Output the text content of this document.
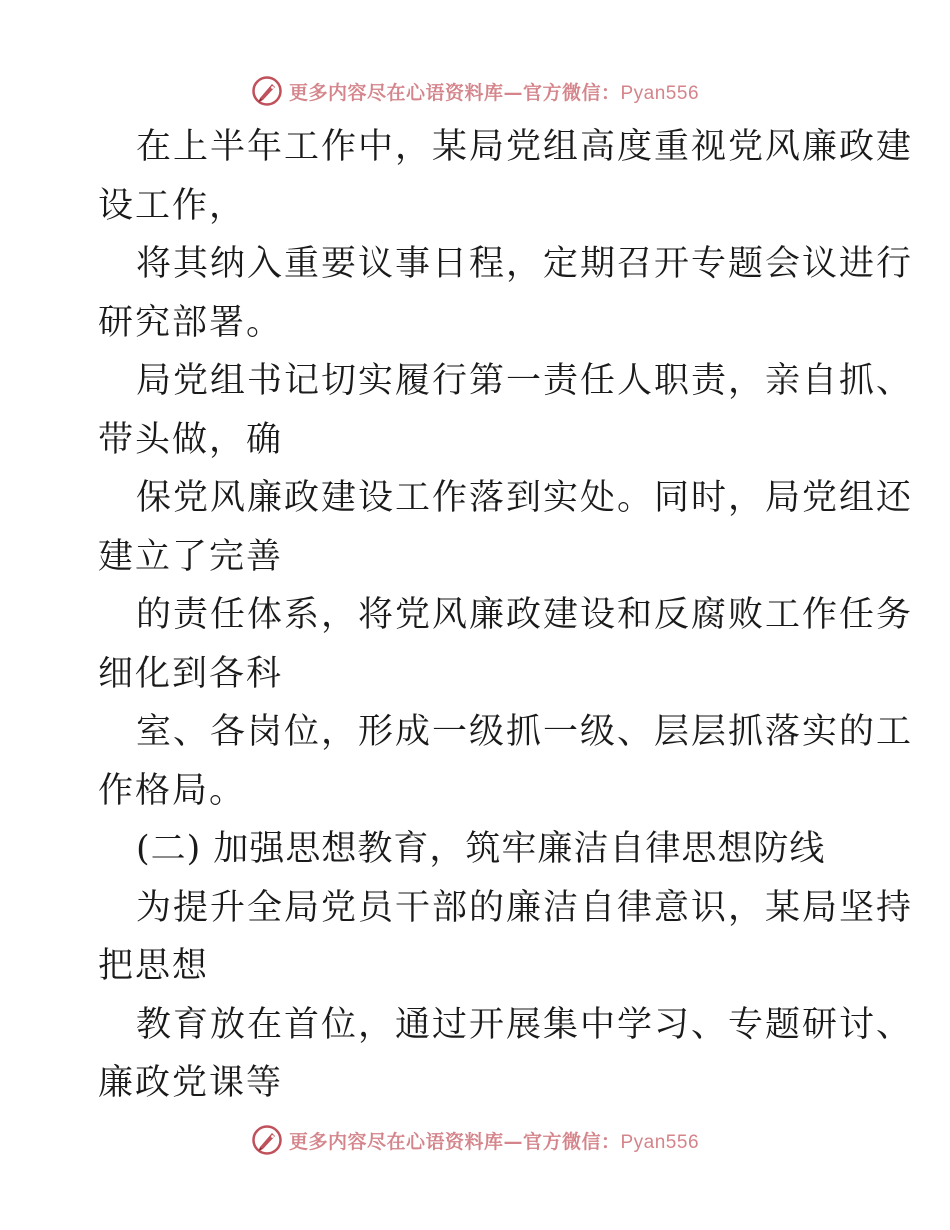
更多内容尽在心语资料库—官方微信：Pyan556
在上半年工作中，某局党组高度重视党风廉政建
设工作，
将其纳入重要议事日程，定期召开专题会议进行
研究部署。
局党组书记切实履行第一责任人职责，亲自抓、
带头做，确
保党风廉政建设工作落到实处。同时，局党组还
建立了完善
的责任体系，将党风廉政建设和反腐败工作任务
细化到各科
室、各岗位，形成一级抓一级、层层抓落实的工
作格局。
(二) 加强思想教育，筑牢廉洁自律思想防线
为提升全局党员干部的廉洁自律意识，某局坚持
把思想
教育放在首位，通过开展集中学习、专题研讨、
廉政党课等
更多内容尽在心语资料库—官方微信：Pyan556
